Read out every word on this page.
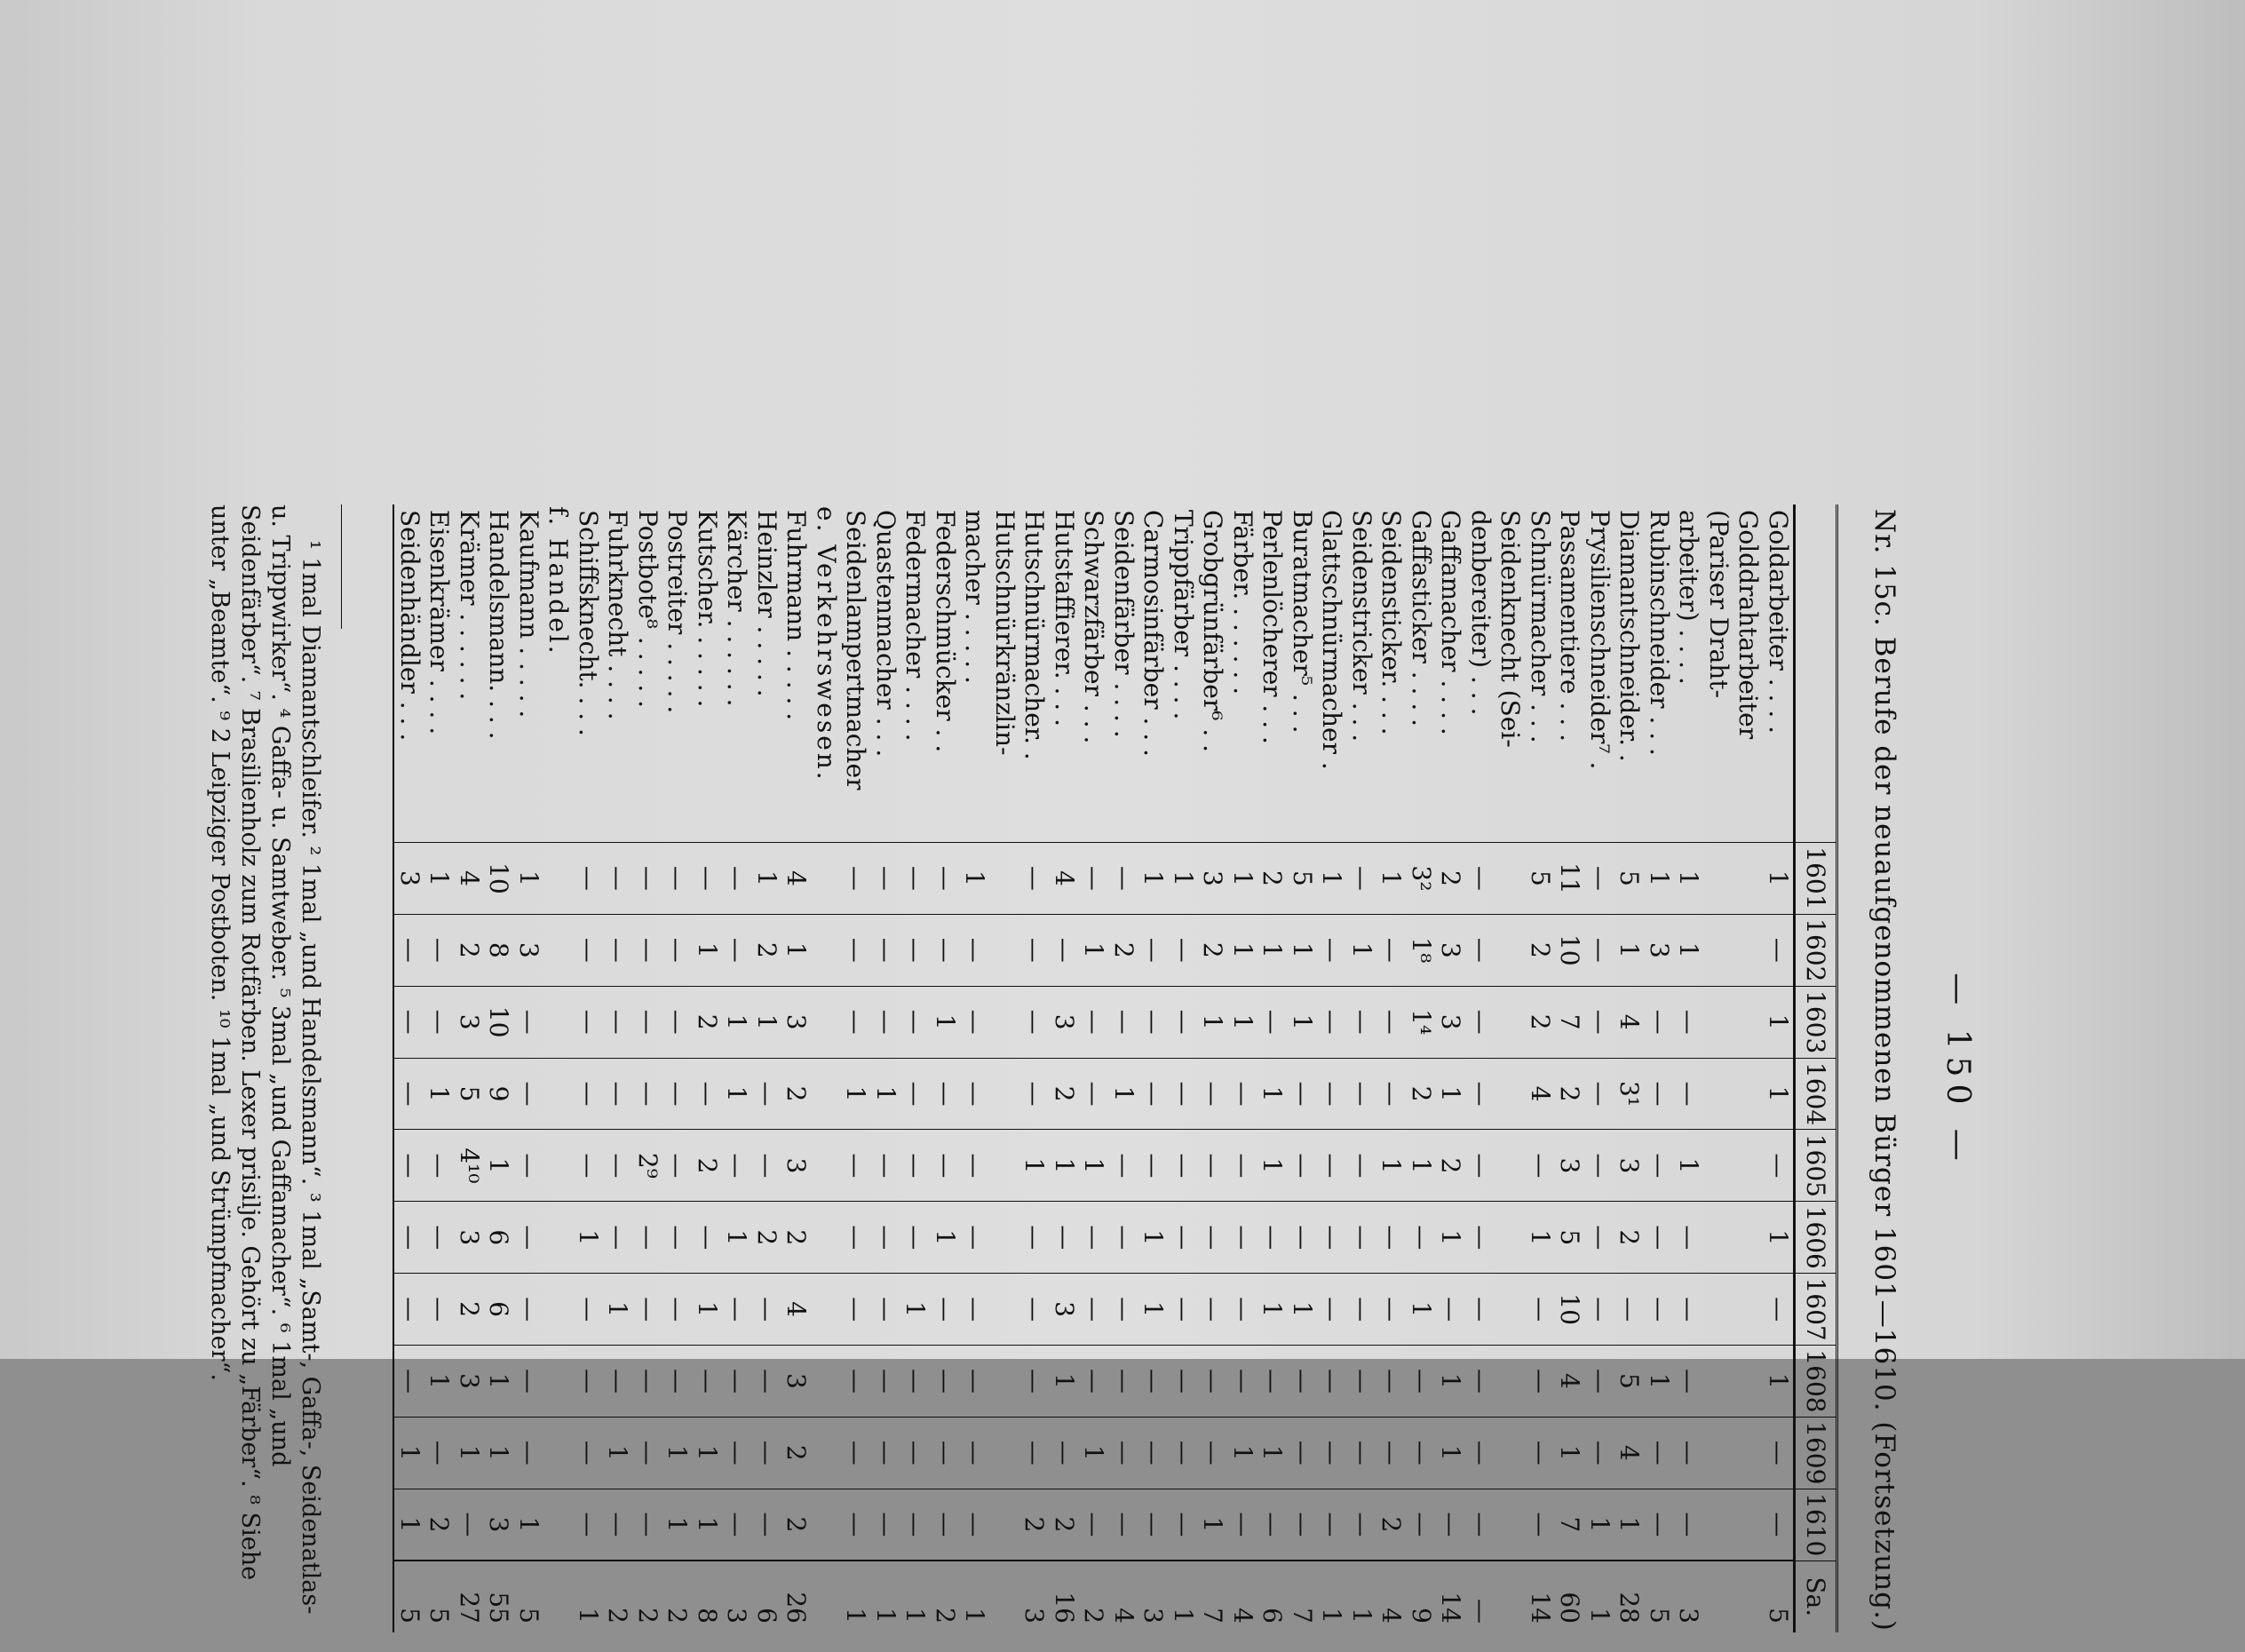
— 150 —
Nr. 15c. Berufe der neuaufgenommenen Bürger 1601—1610. (Fortsetzung.)
	1601	1602	1603	1604	1605	1606	1607	1608	1609	1610	Sa.
Goldarbeiter . . . .	1	—	1	1	—	1	—	1	—	—	5
Golddrahtarbeiter											
(Pariser Draht-											
arbeiter) . . . .	1	1	—	—	1	—	—	—	—	—	3
Rubinschneider . . .	1	3	—	—	—	—	—	1	—	—	5
Diamantschneider. .	5	1	4	3¹	3	2	—	5	4	1	28
Prysilienschneider⁷ .	—	—	—	—	—	—	—	—	—	1	1
Passamentiere . . .	11	10	7	2	3	5	10	4	1	7	60
Schnürmacher . . .	5	2	2	4	—	1	—	—	—	—	14
Seidenknecht (Sei-											
denbereiter) . . .	—	—	—	—	—	—	—	—	—	—	—
Gaffamacher . . . .	2	3	3	1	2	1	—	1	1	—	14
Gaffasticker . . . .	3²	1⁸	1⁴	2	1	—	1	—	—	—	9
Seidensticker. . . .	1	—	—	—	1	—	—	—	—	2	4
Seidenstricker . . .	—	1	—	—	—	—	—	—	—	—	1
Glattschnürmacher .	1	—	—	—	—	—	—	—	—	—	1
Buratmacher⁵ . . .	5	1	1	—	—	—	1	—	—	—	7
Perlenlöcherer . . .	2	1	—	1	1	—	1	—	1	—	6
Färber. . . . . . .	1	1	1	—	—	—	—	—	1	—	4
Grobgrünfärber⁶ . .	3	2	1	—	—	—	—	—	—	1	7
Trippfärber . . . .	1	—	—	—	—	—	—	—	—	—	1
Carmosinfärber . . .	1	—	—	—	—	1	1	—	—	—	3
Seidenfärber . . . .	—	2	—	1	—	—	—	—	—	—	4
Schwarzfärber . . .	—	1	—	—	1	—	—	—	1	—	2
Hutstaffierer. . . .	4	—	3	2	1	—	3	1	—	2	16
Hutschnürmacher. .	—	—	—	—	1	—	—	—	—	2	3
Hutschnürkränzlin-											
macher . . . . .	1	—	—	—	—	—	—	—	—	—	1
Federschmücker . .	—	—	1	—	—	1	—	—	—	—	2
Federmacher . . . .	—	—	—	—	—	—	1	—	—	—	1
Quastenmacher . . .	—	—	—	1	—	—	—	—	—	—	1
Seidenlampertmacher	—	—	—	1	—	—	—	—	—	—	1
e. Verkehrswesen.											
Fuhrmann . . . . .	4	1	3	2	3	2	4	3	2	2	26
Heinzler . . . . .	1	2	1	—	—	2	—	—	—	—	6
Kärcher . . . . . .	—	—	1	1	—	1	—	—	—	—	3
Kutscher. . . . . .	—	1	2	—	2	—	1	—	1	1	8
Postreiter . . . . .	—	—	—	—	—	—	—	—	1	1	2
Postbote⁸ . . . . .	—	—	—	—	2⁹	—	—	—	—	—	2
Fuhrknecht . . . .	—	—	—	—	—	—	1	—	1	—	2
Schiffsknecht. . . .	—	—	—	—	—	1	—	—	—	—	1
f. Handel.											
Kaufmann . . . . .	1	3	—	—	—	—	—	—	—	1	5
Handelsmann. . . .	10	8	10	9	1	6	6	1	1	3	55
Krämer . . . . . .	4	2	3	5	4¹⁰	3	2	3	1	—	27
Eisenkrämer . . . .	1	—	—	1	—	—	—	1	—	2	5
Seidenhändler . . .	3	—	—	—	—	—	—	—	1	1	5
¹ 1mal Diamantschleifer. ² 1mal „und Handelsmann“. ³ 1mal „Samt-, Gaffa-, Seidenatlas- u. Trippwirker“. ⁴ Gaffa- u. Samtweber. ⁵ 3mal „und Gaffamacher“. ⁶ 1mal „und Seidenfärber“. ⁷ Brasilienholz zum Rotfärben. Lexer prisilje. Gehört zu „Färber“. ⁸ Siehe unter „Beamte“. ⁹ 2 Leipziger Postboten. ¹⁰ 1mal „und Strümpfmacher“.
